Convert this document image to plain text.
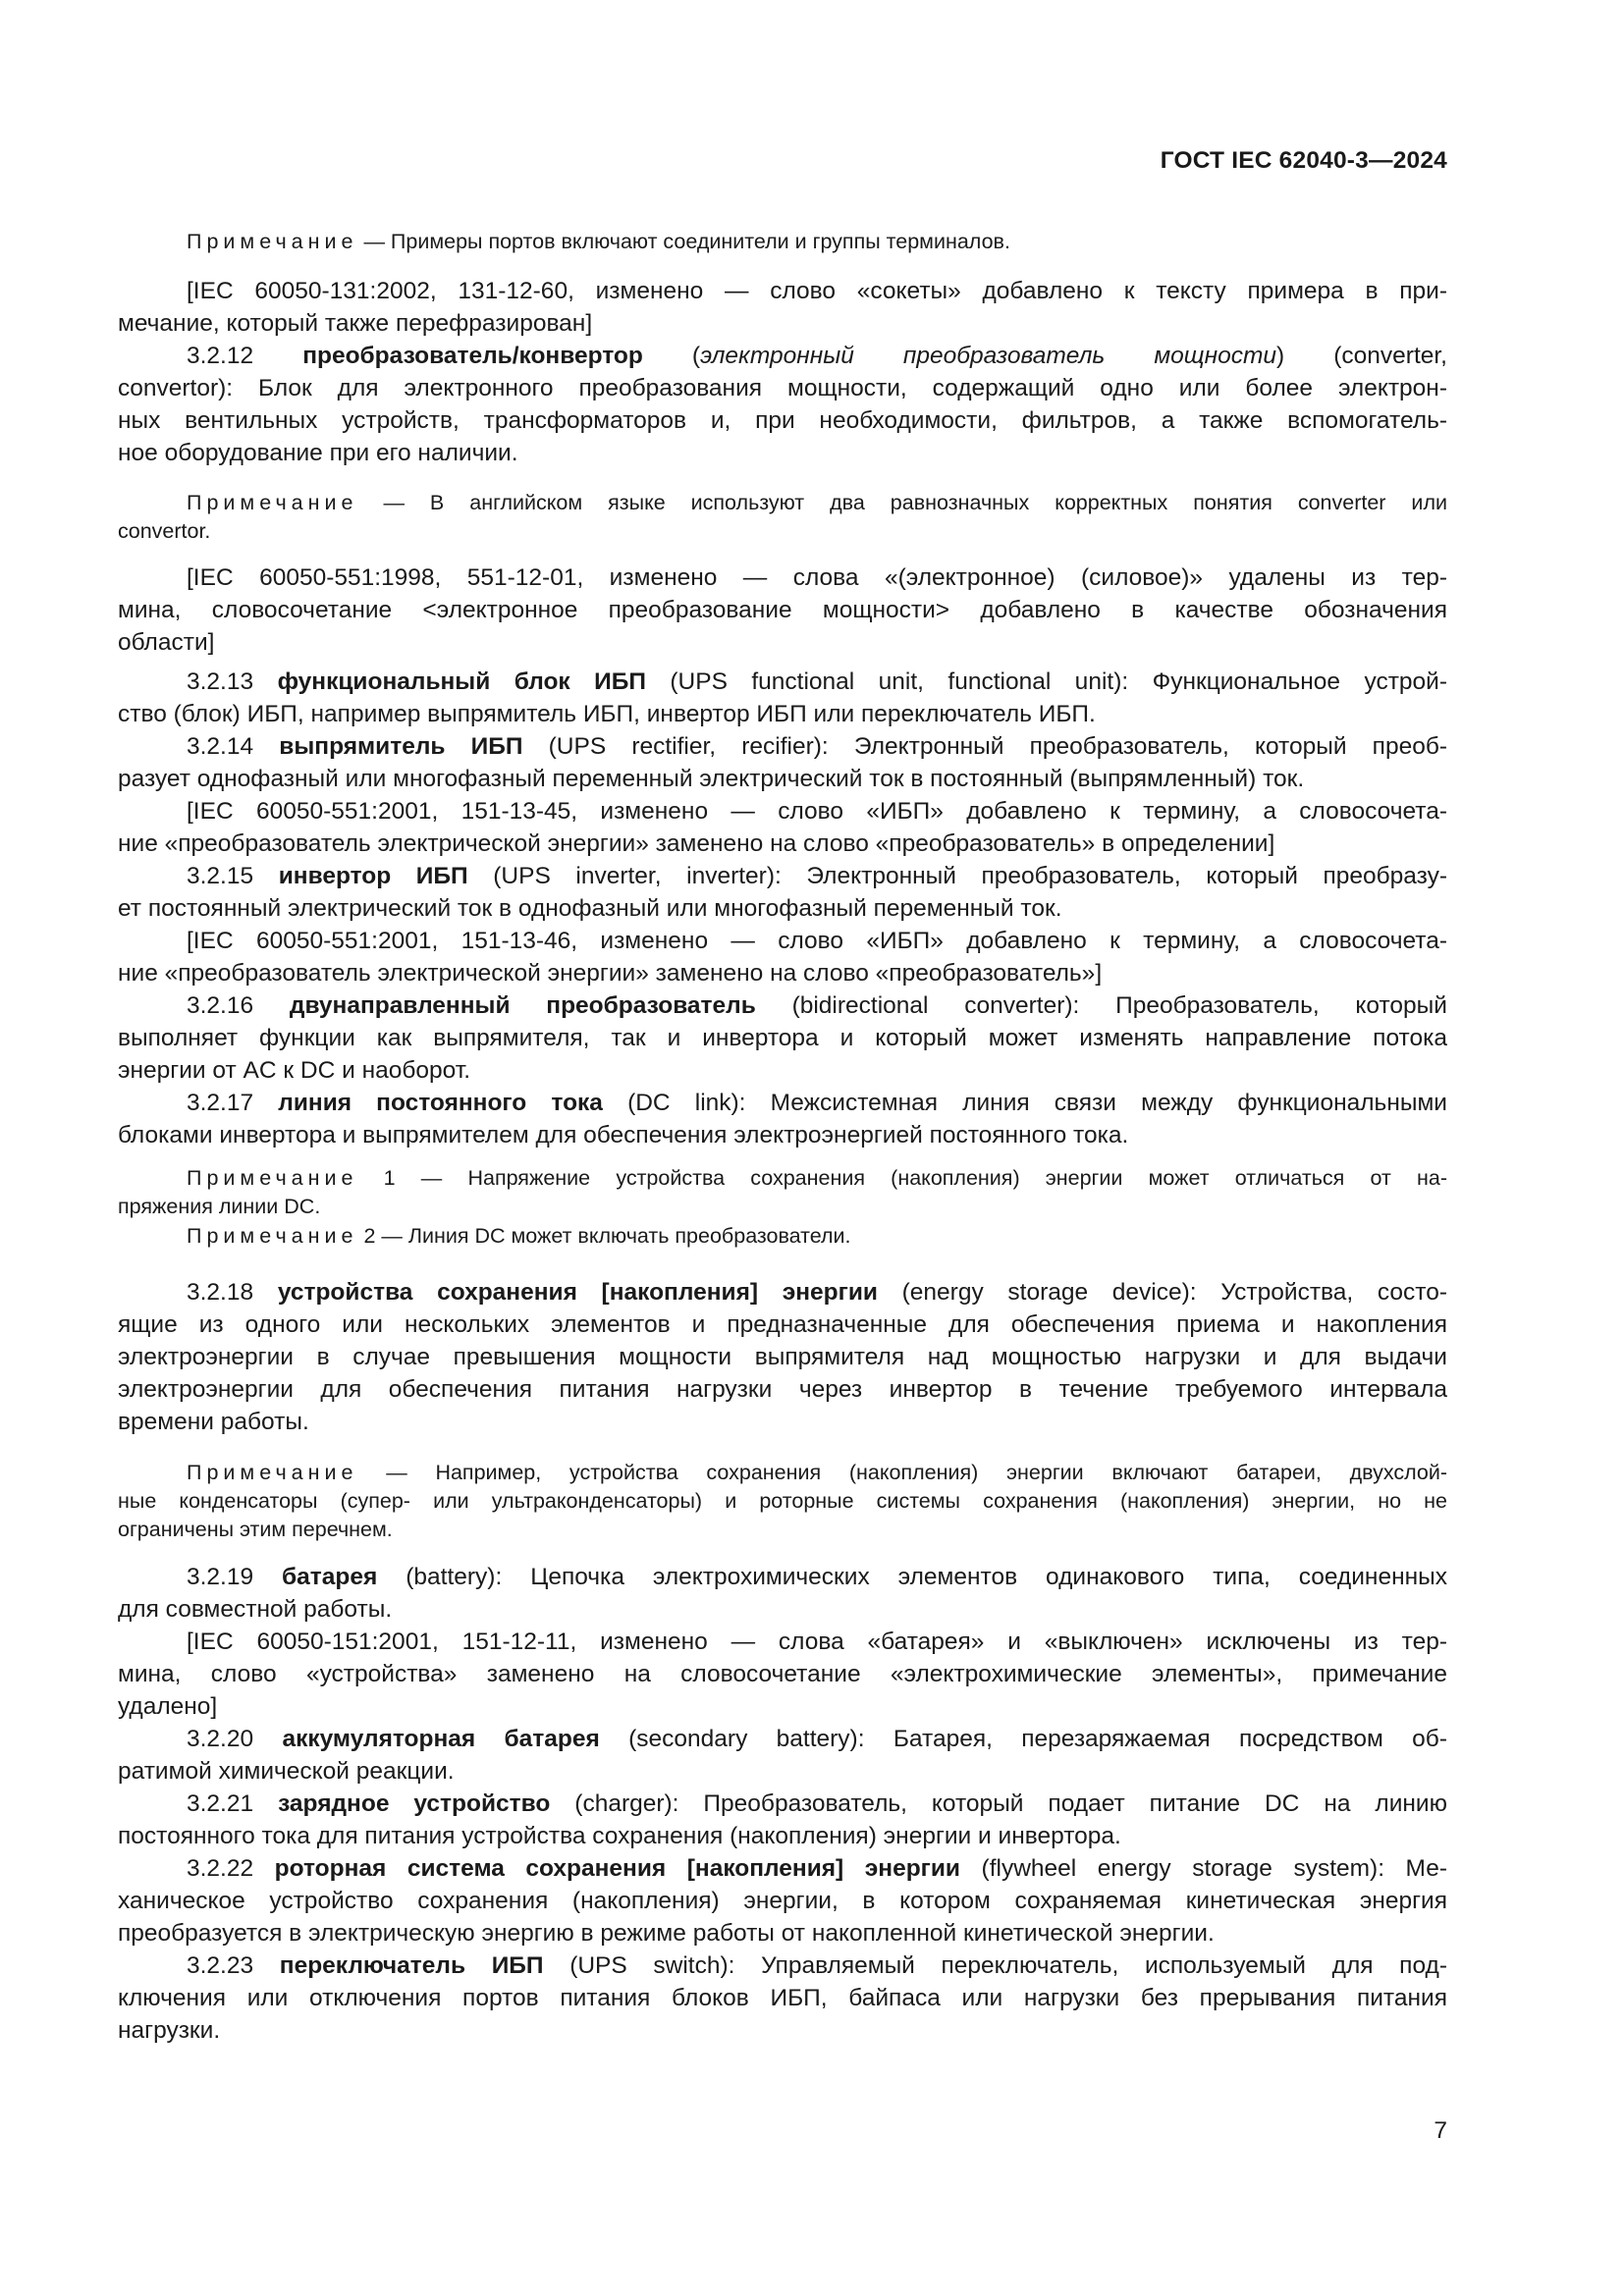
ГОСТ IEC 62040-3—2024

Примечание — Примеры портов включают соединители и группы терминалов.

[IEC 60050-131:2002, 131-12-60, изменено — слово «сокеты» добавлено к тексту примера в при-
мечание, который также перефразирован]

3.2.12 преобразователь/конвертор (электронный преобразователь мощности) (converter,
convertor): Блок для электронного преобразования мощности, содержащий одно или более электрон-
ных вентильных устройств, трансформаторов и, при необходимости, фильтров, а также вспомогатель-
ное оборудование при его наличии.

Примечание — В английском языке используют два равнозначных корректных понятия converter или
convertor.

[IEC 60050-551:1998, 551-12-01, изменено — слова «(электронное) (силовое)» удалены из тер-
мина, словосочетание <электронное преобразование мощности> добавлено в качестве обозначения
области]

3.2.13 функциональный блок ИБП (UPS functional unit, functional unit): Функциональное устрой-
ство (блок) ИБП, например выпрямитель ИБП, инвертор ИБП или переключатель ИБП.

3.2.14 выпрямитель ИБП (UPS rectifier, recifier): Электронный преобразователь, который преоб-
разует однофазный или многофазный переменный электрический ток в постоянный (выпрямленный) ток.

[IEC 60050-551:2001, 151-13-45, изменено — слово «ИБП» добавлено к термину, а словосочета-
ние «преобразователь электрической энергии» заменено на слово «преобразователь» в определении]

3.2.15 инвертор ИБП (UPS inverter, inverter): Электронный преобразователь, который преобразу-
ет постоянный электрический ток в однофазный или многофазный переменный ток.

[IEC 60050-551:2001, 151-13-46, изменено — слово «ИБП» добавлено к термину, а словосочета-
ние «преобразователь электрической энергии» заменено на слово «преобразователь»]

3.2.16 двунаправленный преобразователь (bidirectional converter): Преобразователь, который
выполняет функции как выпрямителя, так и инвертора и который может изменять направление потока
энергии от AC к DC и наоборот.

3.2.17 линия постоянного тока (DC link): Межсистемная линия связи между функциональными
блоками инвертора и выпрямителем для обеспечения электроэнергией постоянного тока.

Примечание 1 — Напряжение устройства сохранения (накопления) энергии может отличаться от на-
пряжения линии DC.

Примечание 2 — Линия DC может включать преобразователи.

3.2.18 устройства сохранения [накопления] энергии (energy storage device): Устройства, состо-
ящие из одного или нескольких элементов и предназначенные для обеспечения приема и накопления
электроэнергии в случае превышения мощности выпрямителя над мощностью нагрузки и для выдачи
электроэнергии для обеспечения питания нагрузки через инвертор в течение требуемого интервала
времени работы.

Примечание — Например, устройства сохранения (накопления) энергии включают батареи, двухслой-
ные конденсаторы (супер- или ультраконденсаторы) и роторные системы сохранения (накопления) энергии, но не
ограничены этим перечнем.

3.2.19 батарея (battery): Цепочка электрохимических элементов одинакового типа, соединенных
для совместной работы.

[IEC 60050-151:2001, 151-12-11, изменено — слова «батарея» и «выключен» исключены из тер-
мина, слово «устройства» заменено на словосочетание «электрохимические элементы», примечание
удалено]

3.2.20 аккумуляторная батарея (secondary battery): Батарея, перезаряжаемая посредством об-
ратимой химической реакции.

3.2.21 зарядное устройство (charger): Преобразователь, который подает питание DC на линию
постоянного тока для питания устройства сохранения (накопления) энергии и инвертора.

3.2.22 роторная система сохранения [накопления] энергии (flywheel energy storage system): Ме-
ханическое устройство сохранения (накопления) энергии, в котором сохраняемая кинетическая энергия
преобразуется в электрическую энергию в режиме работы от накопленной кинетической энергии.

3.2.23 переключатель ИБП (UPS switch): Управляемый переключатель, используемый для под-
ключения или отключения портов питания блоков ИБП, байпаса или нагрузки без прерывания питания
нагрузки.

7
